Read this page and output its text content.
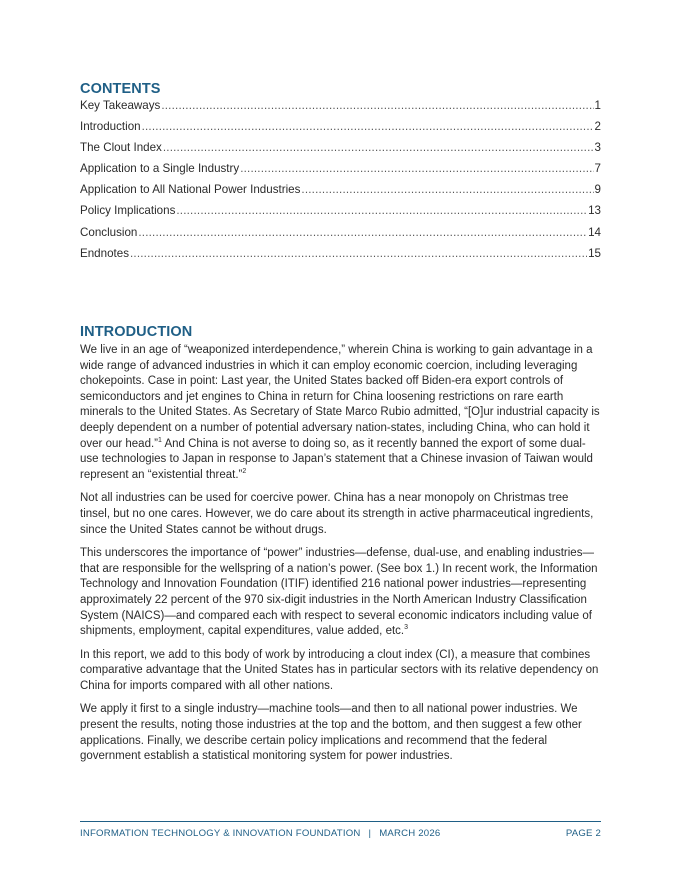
CONTENTS
Key Takeaways .....	1
Introduction .....	2
The Clout Index .....	3
Application to a Single Industry .....	7
Application to All National Power Industries .....	9
Policy Implications .....	13
Conclusion .....	14
Endnotes .....	15
INTRODUCTION

We live in an age of “weaponized interdependence,” wherein China is working to gain advantage in a wide range of advanced industries in which it can employ economic coercion, including leveraging chokepoints. Case in point: Last year, the United States backed off Biden-era export controls of semiconductors and jet engines to China in return for China loosening restrictions on rare earth minerals to the United States. As Secretary of State Marco Rubio admitted, “[O]ur industrial capacity is deeply dependent on a number of potential adversary nation-states, including China, who can hold it over our head.”$^1$ And China is not averse to doing so, as it recently banned the export of some dual-use technologies to Japan in response to Japan’s statement that a Chinese invasion of Taiwan would represent an “existential threat.”$^2$

Not all industries can be used for coercive power. China has a near monopoly on Christmas tree tinsel, but no one cares. However, we do care about its strength in active pharmaceutical ingredients, since the United States cannot be without drugs.

This underscores the importance of “power” industries—defense, dual-use, and enabling industries—that are responsible for the wellspring of a nation’s power. (See box 1.) In recent work, the Information Technology and Innovation Foundation (ITIF) identified 216 national power industries—representing approximately 22 percent of the 970 six-digit industries in the North American Industry Classification System (NAICS)—and compared each with respect to several economic indicators including value of shipments, employment, capital expenditures, value added, etc.$^3$

In this report, we add to this body of work by introducing a clout index (CI), a measure that combines comparative advantage that the United States has in particular sectors with its relative dependency on China for imports compared with all other nations.

We apply it first to a single industry—machine tools—and then to all national power industries. We present the results, noting those industries at the top and the bottom, and then suggest a few other applications. Finally, we describe certain policy implications and recommend that the federal government establish a statistical monitoring system for power industries.

INFORMATION TECHNOLOGY & INNOVATION FOUNDATION | MARCH 2026	PAGE 2
